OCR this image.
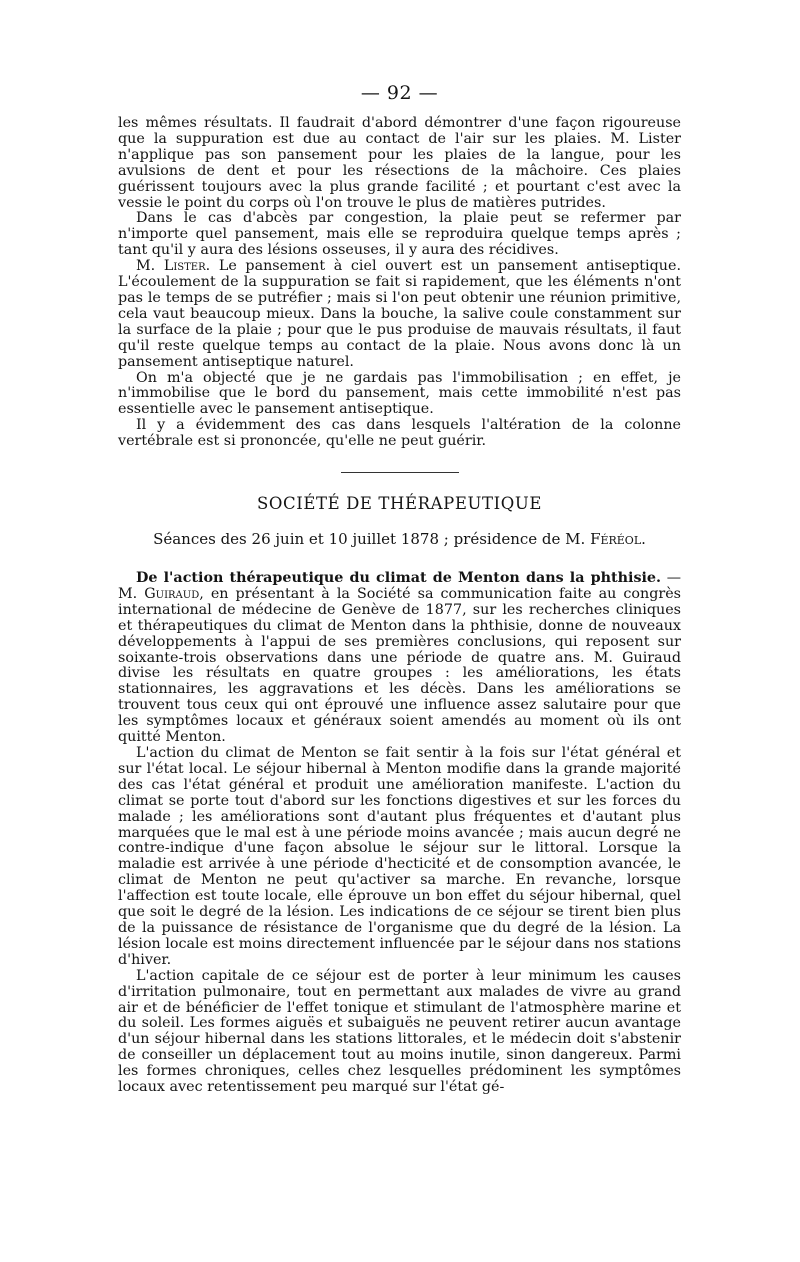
— 92 —

les mêmes résultats. Il faudrait d'abord démontrer d'une façon rigoureuse que la suppuration est due au contact de l'air sur les plaies. M. Lister n'applique pas son pansement pour les plaies de la langue, pour les avulsions de dent et pour les résections de la mâchoire. Ces plaies guérissent toujours avec la plus grande facilité ; et pourtant c'est avec la vessie le point du corps où l'on trouve le plus de matières putrides.

Dans le cas d'abcès par congestion, la plaie peut se refermer par n'importe quel pansement, mais elle se reproduira quelque temps après ; tant qu'il y aura des lésions osseuses, il y aura des récidives.

M. Lister. Le pansement à ciel ouvert est un pansement antiseptique. L'écoulement de la suppuration se fait si rapidement, que les éléments n'ont pas le temps de se putréfier ; mais si l'on peut obtenir une réunion primitive, cela vaut beaucoup mieux. Dans la bouche, la salive coule constamment sur la surface de la plaie ; pour que le pus produise de mauvais résultats, il faut qu'il reste quelque temps au contact de la plaie. Nous avons donc là un pansement antiseptique naturel.

On m'a objecté que je ne gardais pas l'immobilisation ; en effet, je n'immobilise que le bord du pansement, mais cette immobilité n'est pas essentielle avec le pansement antiseptique.

Il y a évidemment des cas dans lesquels l'altération de la colonne vertébrale est si prononcée, qu'elle ne peut guérir.

SOCIÉTÉ DE THÉRAPEUTIQUE
Séances des 26 juin et 10 juillet 1878 ; présidence de M. Féréol.

De l'action thérapeutique du climat de Menton dans la phthisie. — M. Guiraud, en présentant à la Société sa communication faite au congrès international de médecine de Genève de 1877, sur les recherches cliniques et thérapeutiques du climat de Menton dans la phthisie, donne de nouveaux développements à l'appui de ses premières conclusions, qui reposent sur soixante-trois observations dans une période de quatre ans. M. Guiraud divise les résultats en quatre groupes : les améliorations, les états stationnaires, les aggravations et les décès. Dans les améliorations se trouvent tous ceux qui ont éprouvé une influence assez salutaire pour que les symptômes locaux et généraux soient amendés au moment où ils ont quitté Menton.

L'action du climat de Menton se fait sentir à la fois sur l'état général et sur l'état local. Le séjour hibernal à Menton modifie dans la grande majorité des cas l'état général et produit une amélioration manifeste. L'action du climat se porte tout d'abord sur les fonctions digestives et sur les forces du malade ; les améliorations sont d'autant plus fréquentes et d'autant plus marquées que le mal est à une période moins avancée ; mais aucun degré ne contre-indique d'une façon absolue le séjour sur le littoral. Lorsque la maladie est arrivée à une période d'hecticité et de consomption avancée, le climat de Menton ne peut qu'activer sa marche. En revanche, lorsque l'affection est toute locale, elle éprouve un bon effet du séjour hibernal, quel que soit le degré de la lésion. Les indications de ce séjour se tirent bien plus de la puissance de résistance de l'organisme que du degré de la lésion. La lésion locale est moins directement influencée par le séjour dans nos stations d'hiver.

L'action capitale de ce séjour est de porter à leur minimum les causes d'irritation pulmonaire, tout en permettant aux malades de vivre au grand air et de bénéficier de l'effet tonique et stimulant de l'atmosphère marine et du soleil. Les formes aiguës et subaiguës ne peuvent retirer aucun avantage d'un séjour hibernal dans les stations littorales, et le médecin doit s'abstenir de conseiller un déplacement tout au moins inutile, sinon dangereux. Parmi les formes chroniques, celles chez lesquelles prédominent les symptômes locaux avec retentissement peu marqué sur l'état gé-
